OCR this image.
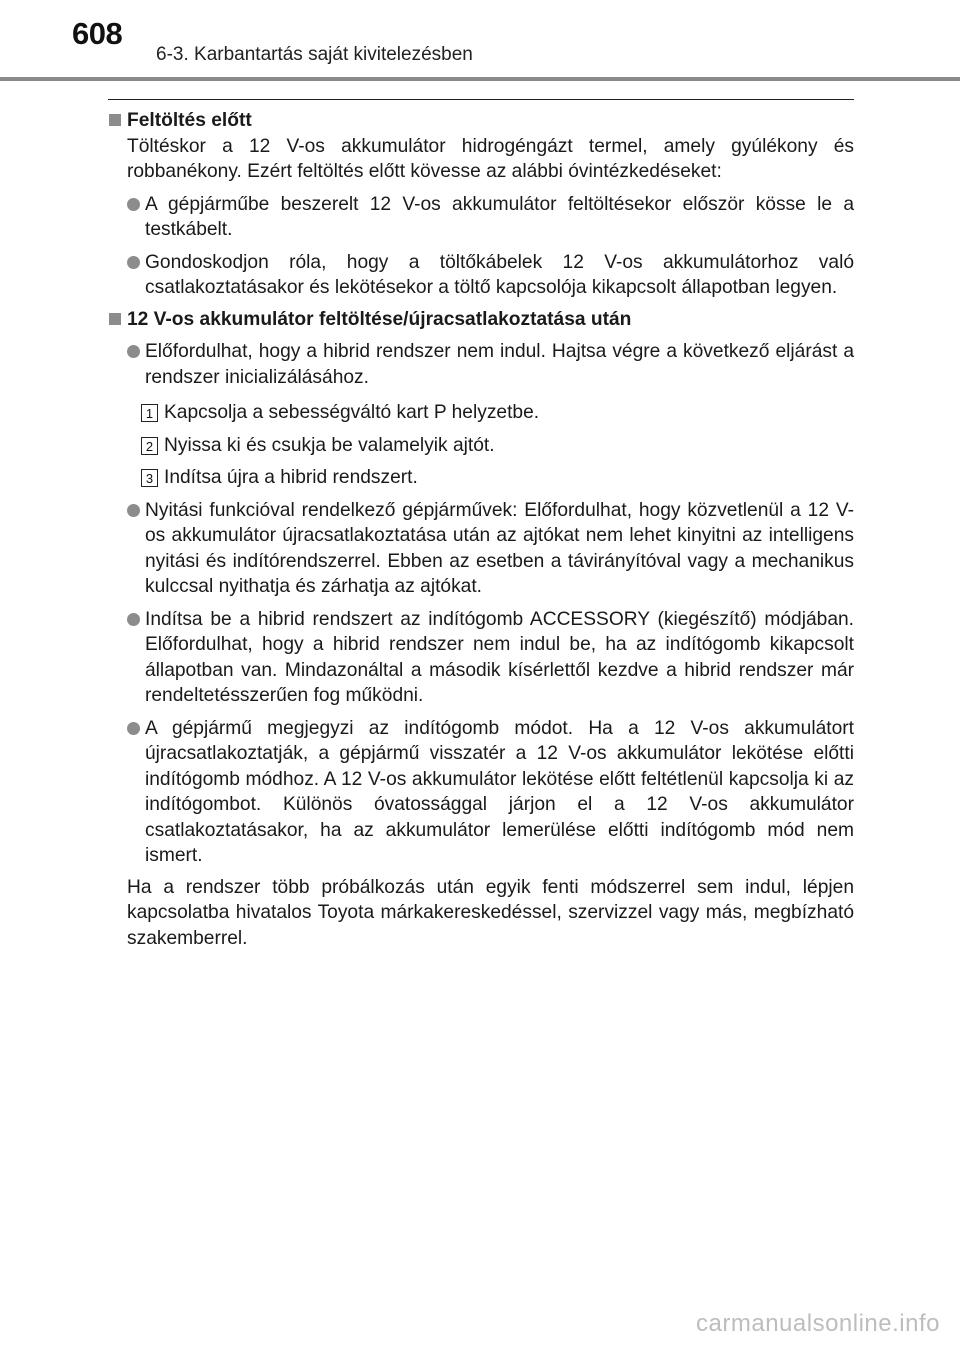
608
6-3. Karbantartás saját kivitelezésben
Feltöltés előtt
Töltéskor a 12 V-os akkumulátor hidrogéngázt termel, amely gyúlékony és robbanékony. Ezért feltöltés előtt kövesse az alábbi óvintézkedéseket:
A gépjárműbe beszerelt 12 V-os akkumulátor feltöltésekor először kösse le a testkábelt.
Gondoskodjon róla, hogy a töltőkábelek 12 V-os akkumulátorhoz való csatlakoztatásakor és lekötésekor a töltő kapcsolója kikapcsolt állapotban legyen.
12 V-os akkumulátor feltöltése/újracsatlakoztatása után
Előfordulhat, hogy a hibrid rendszer nem indul. Hajtsa végre a következő eljárást a rendszer inicializálásához.
1 Kapcsolja a sebességváltó kart P helyzetbe.
2 Nyissa ki és csukja be valamelyik ajtót.
3 Indítsa újra a hibrid rendszert.
Nyitási funkcióval rendelkező gépjárművek: Előfordulhat, hogy közvetlenül a 12 V-os akkumulátor újracsatlakoztatása után az ajtókat nem lehet kinyitni az intelligens nyitási és indítórendszerrel. Ebben az esetben a távirányítóval vagy a mechanikus kulccsal nyithatja és zárhatja az ajtókat.
Indítsa be a hibrid rendszert az indítógomb ACCESSORY (kiegészítő) módjában. Előfordulhat, hogy a hibrid rendszer nem indul be, ha az indítógomb kikapcsolt állapotban van. Mindazonáltal a második kísérlettől kezdve a hibrid rendszer már rendeltetésszerűen fog működni.
A gépjármű megjegyzi az indítógomb módot. Ha a 12 V-os akkumulátort újracsatlakoztatják, a gépjármű visszatér a 12 V-os akkumulátor lekötése előtti indítógomb módhoz. A 12 V-os akkumulátor lekötése előtt feltétlenül kapcsolja ki az indítógombot. Különös óvatossággal járjon el a 12 V-os akkumulátor csatlakoztatásakor, ha az akkumulátor lemerülése előtti indítógomb mód nem ismert.
Ha a rendszer több próbálkozás után egyik fenti módszerrel sem indul, lépjen kapcsolatba hivatalos Toyota márkakereskedéssel, szervizzel vagy más, megbízható szakemberrel.
carmanualsonline.info
